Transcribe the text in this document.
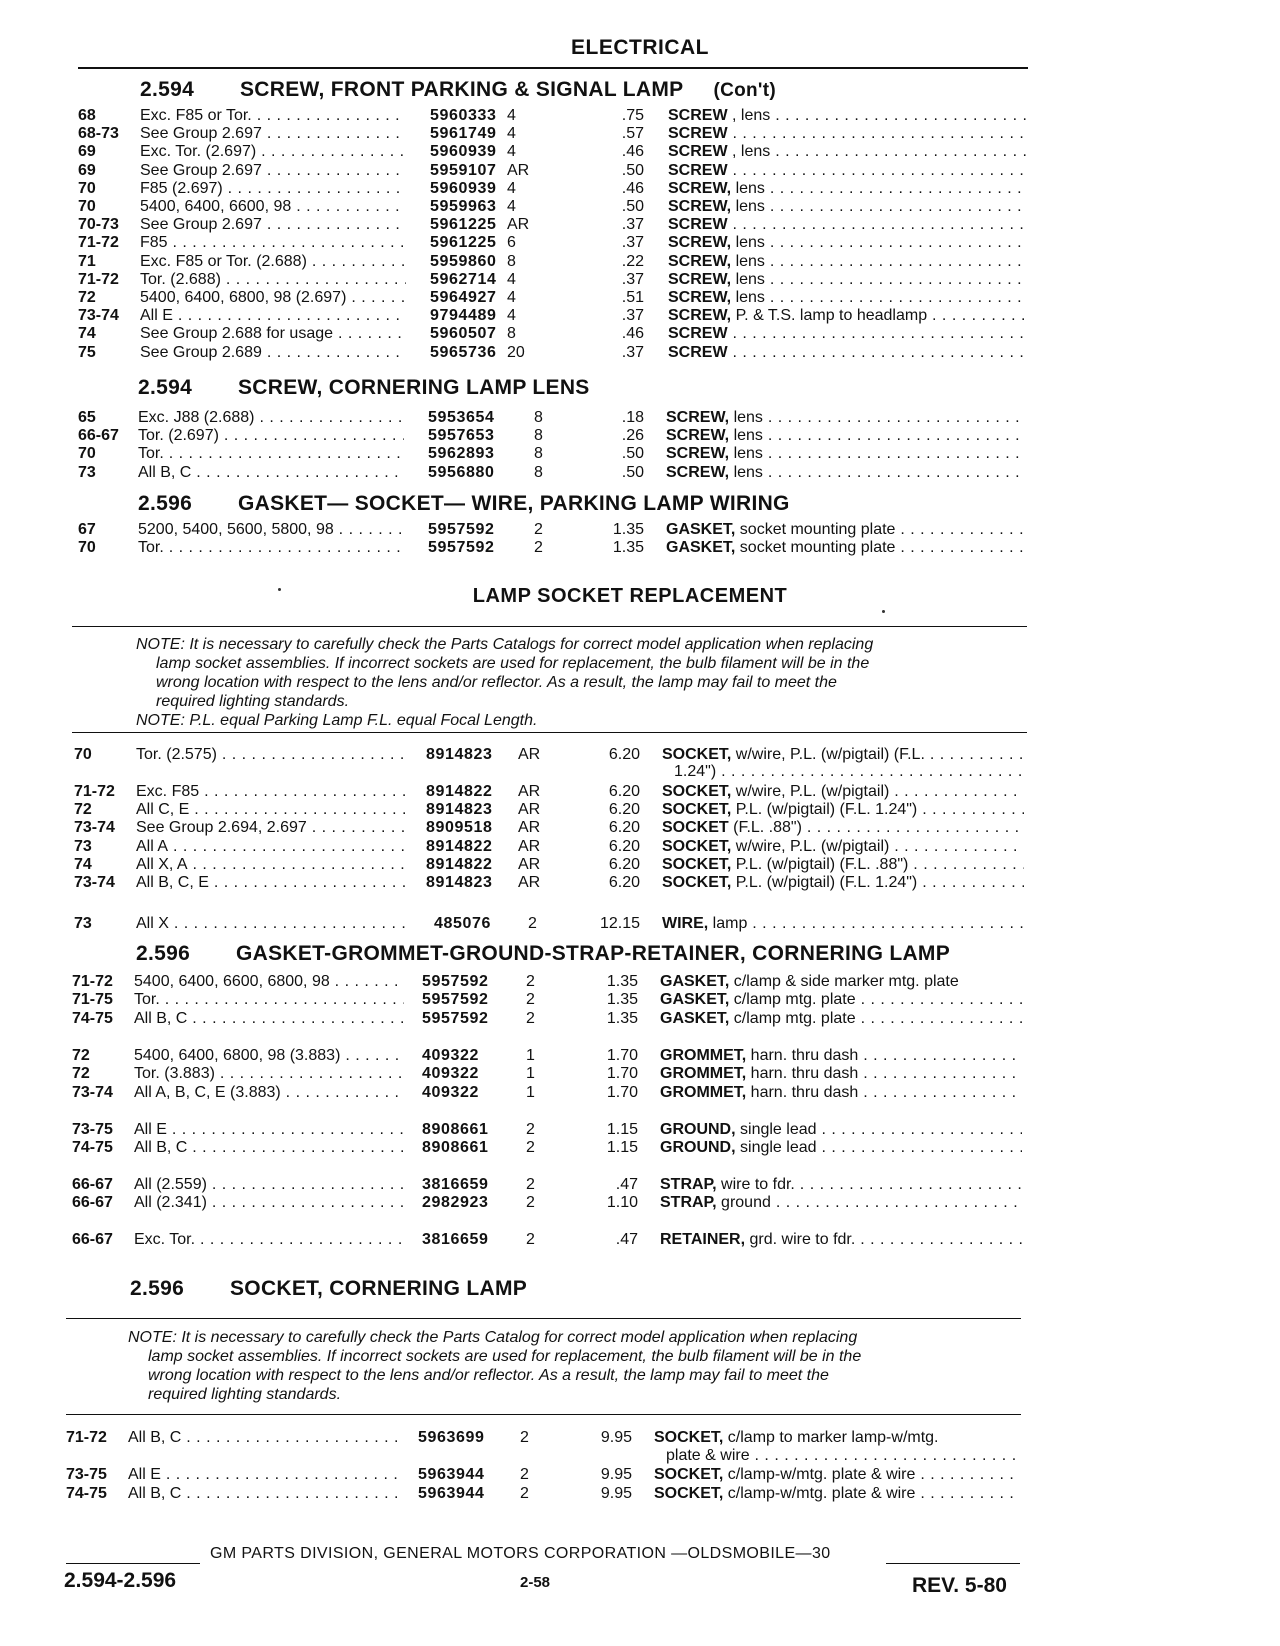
ELECTRICAL
2.594 SCREW, FRONT PARKING & SIGNAL LAMP (Con't)
68	Exc. F85 or Tor. . . .	5960333 4	.75 SCREW , lens . . .
68-73 See Group 2.697 . . .	5961749 4	.57 SCREW . . .
69	Exc. Tor. (2.697) . . .	5960939 4	.46 SCREW , lens . . .
69	See Group 2.697 . . .	5959107 AR	.50 SCREW . . .
70	F85 (2.697) . . .	5960939 4	.46 SCREW, lens . . .
70	5400, 6400, 6600, 98 . . .	5959963 4	.50 SCREW, lens . . .
70-73 See Group 2.697 . . .	5961225 AR	.37 SCREW . . .
71-72 F85 . . .	5961225 6	.37 SCREW, lens . . .
71	Exc. F85 or Tor. (2.688) . . .	5959860 8	.22 SCREW, lens . . .
71-72 Tor. (2.688) . . .	5962714 4	.37 SCREW, lens . . .
72	5400, 6400, 6800, 98 (2.697) . . .	5964927 4	.51 SCREW, lens . . .
73-74 All E . . .	9794489 4	.37 SCREW, P. & T.S. lamp to headlamp . . .
74	See Group 2.688 for usage . . .	5960507 8	.46 SCREW . . .
75	See Group 2.689 . . .	5965736 20	.37 SCREW . . .
2.594 SCREW, CORNERING LAMP LENS
65	Exc. J88 (2.688) . . .	5953654 8	.18 SCREW, lens . . .
66-67 Tor. (2.697) . . .	5957653 8	.26 SCREW, lens . . .
70	Tor. . . .	5962893 8	.50 SCREW, lens . . .
73	All B, C . . .	5956880 8	.50 SCREW, lens . . .
2.596 GASKET— SOCKET— WIRE, PARKING LAMP WIRING
67	5200, 5400, 5600, 5800, 98 . . .	5957592 2	1.35 GASKET, socket mounting plate . . .
70	Tor. . . .	5957592 2	1.35 GASKET, socket mounting plate . . .
LAMP SOCKET REPLACEMENT
NOTE: It is necessary to carefully check the Parts Catalogs for correct model application when replacing
lamp socket assemblies. If incorrect sockets are used for replacement, the bulb filament will be in the
wrong location with respect to the lens and/or reflector. As a result, the lamp may fail to meet the
required lighting standards.
NOTE: P.L. equal Parking Lamp F.L. equal Focal Length.
70	Tor. (2.575) . . .	8914823 AR	6.20 SOCKET, w/wire, P.L. (w/pigtail) (F.L. . . .
1.24") . . .
71-72 Exc. F85 . . .	8914822 AR	6.20 SOCKET, w/wire, P.L. (w/pigtail) . . .
72	All C, E . . .	8914823 AR	6.20 SOCKET, P.L. (w/pigtail) (F.L. 1.24") . . .
73-74 See Group 2.694, 2.697 . . .	8909518 AR	6.20 SOCKET (F.L. .88") . . .
73	All A . . .	8914822 AR	6.20 SOCKET, w/wire, P.L. (w/pigtail) . . .
74	All X, A . . .	8914822 AR	6.20 SOCKET, P.L. (w/pigtail) (F.L. .88") . . .
73-74 All B, C, E . . .	8914823 AR	6.20 SOCKET, P.L. (w/pigtail) (F.L. 1.24") . . .
73	All X . . .	485076 2	12.15 WIRE, lamp . . .
2.596 GASKET-GROMMET-GROUND-STRAP-RETAINER, CORNERING LAMP
71-72 5400, 6400, 6600, 6800, 98 . . .	5957592 2	1.35 GASKET, c/lamp & side marker mtg. plate
71-75 Tor. . . .	5957592 2	1.35 GASKET, c/lamp mtg. plate . . .
74-75 All B, C . . .	5957592 2	1.35 GASKET, c/lamp mtg. plate . . .
72	5400, 6400, 6800, 98 (3.883) . . .	409322	1	1.70 GROMMET, harn. thru dash . . .
72	Tor. (3.883) . . .	409322	1	1.70 GROMMET, harn. thru dash . . .
73-74 All A, B, C, E (3.883) . . .	409322	1	1.70 GROMMET, harn. thru dash . . .
73-75 All E . . .	8908661 2	1.15 GROUND, single lead . . .
74-75 All B, C . . .	8908661 2	1.15 GROUND, single lead . . .
66-67 All (2.559) . . .	3816659 2	.47 STRAP, wire to fdr. . . .
66-67 All (2.341) . . .	2982923 2	1.10 STRAP, ground . . .
66-67 Exc. Tor. . . .	3816659 2	.47 RETAINER, grd. wire to fdr. . . .
2.596 SOCKET, CORNERING LAMP
NOTE: It is necessary to carefully check the Parts Catalog for correct model application when replacing
lamp socket assemblies. If incorrect sockets are used for replacement, the bulb filament will be in the
wrong location with respect to the lens and/or reflector. As a result, the lamp may fail to meet the
required lighting standards.
71-72 All B, C . . .	5963699 2	9.95 SOCKET, c/lamp to marker lamp-w/mtg.
plate & wire . . .
73-75 All E . . .	5963944 2	9.95 SOCKET, c/lamp-w/mtg. plate & wire . . .
74-75 All B, C . . .	5963944 2	9.95 SOCKET, c/lamp-w/mtg. plate & wire . . .
GM PARTS DIVISION, GENERAL MOTORS CORPORATION —OLDSMOBILE—30
2.594-2.596	2-58	REV. 5-80
